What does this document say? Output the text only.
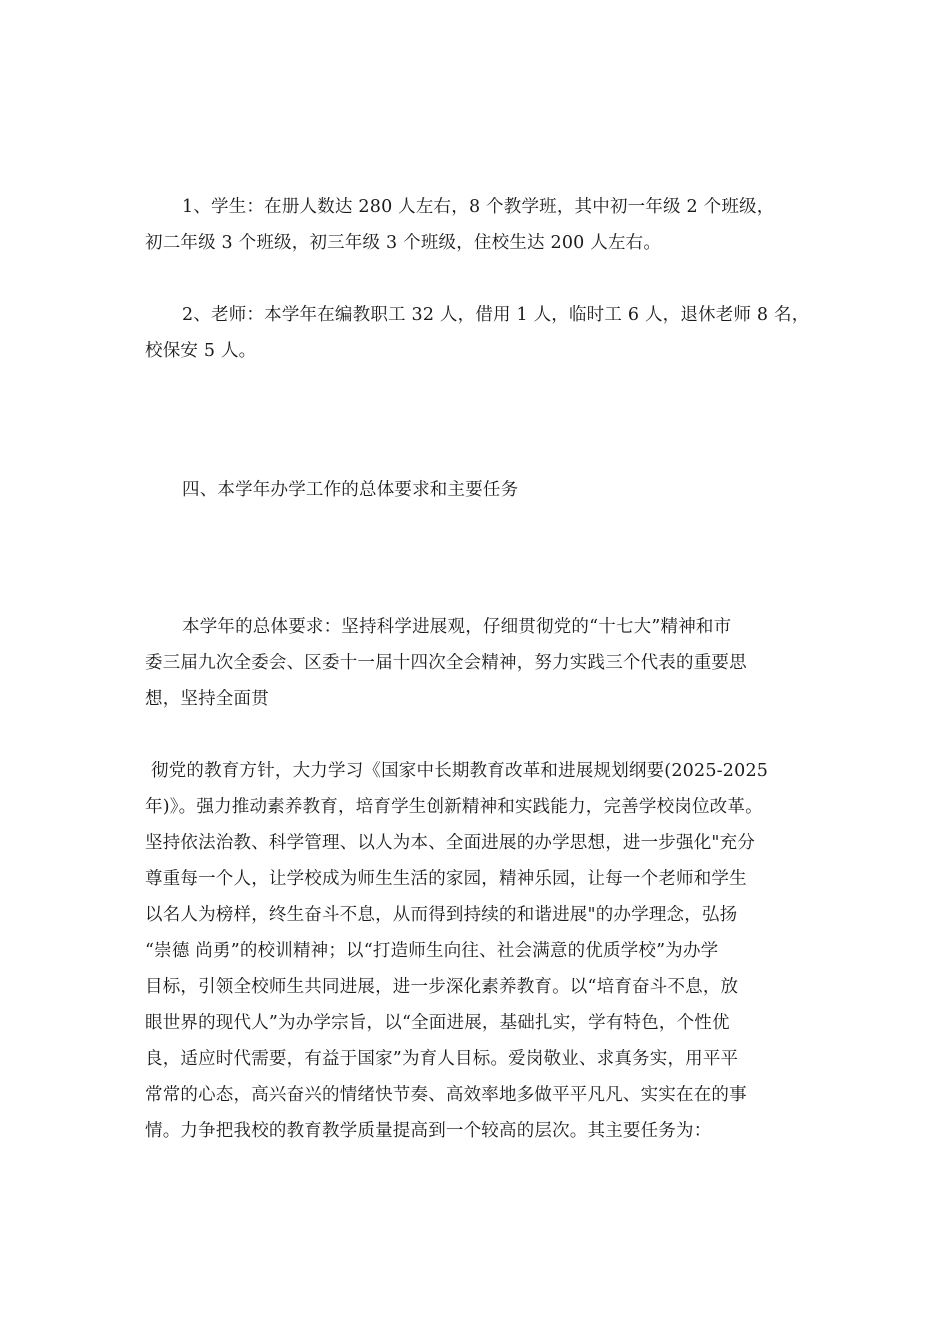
1、学生：在册人数达 280 人左右，8 个教学班，其中初一年级 2 个班级，
初二年级 3 个班级，初三年级 3 个班级，住校生达 200 人左右。
2、老师：本学年在编教职工 32 人，借用 1 人，临时工 6 人，退休老师 8 名，
校保安 5 人。
四、本学年办学工作的总体要求和主要任务
本学年的总体要求：坚持科学进展观，仔细贯彻党的“十七大”精神和市
委三届九次全委会、区委十一届十四次全会精神，努力实践三个代表的重要思
想，坚持全面贯
彻党的教育方针，大力学习《国家中长期教育改革和进展规划纲要(2025-2025
年)》。强力推动素养教育，培育学生创新精神和实践能力，完善学校岗位改革。
坚持依法治教、科学管理、以人为本、全面进展的办学思想，进一步强化"充分
尊重每一个人，让学校成为师生生活的家园，精神乐园，让每一个老师和学生
以名人为榜样，终生奋斗不息，从而得到持续的和谐进展"的办学理念，弘扬
“崇德 尚勇”的校训精神；以“打造师生向往、社会满意的优质学校”为办学
目标，引领全校师生共同进展，进一步深化素养教育。以“培育奋斗不息，放
眼世界的现代人”为办学宗旨，以“全面进展，基础扎实，学有特色，个性优
良，适应时代需要，有益于国家”为育人目标。爱岗敬业、求真务实，用平平
常常的心态，高兴奋兴的情绪快节奏、高效率地多做平平凡凡、实实在在的事
情。力争把我校的教育教学质量提高到一个较高的层次。其主要任务为：
